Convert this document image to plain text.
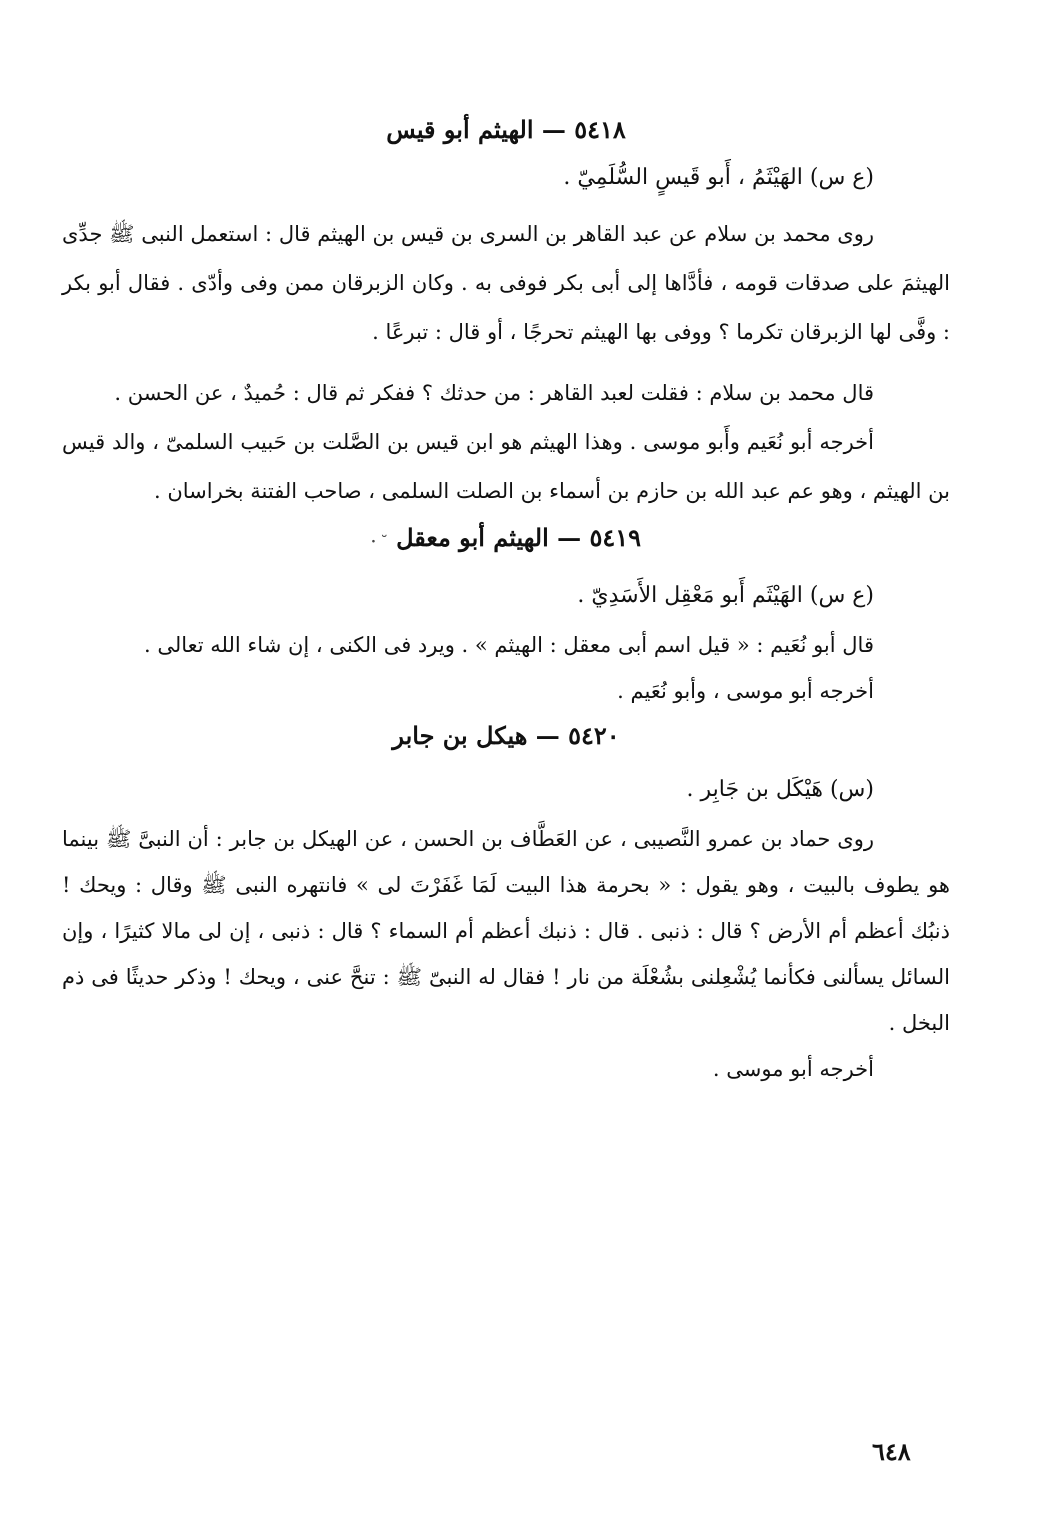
٥٤١٨ — الهيثم أبو قيس

(ع س) الهَيْثَمُ ، أَبو قَيسٍ السُّلَمِيّ .

روى محمد بن سلام عن عبد القاهر بن السرى بن قيس بن الهيثم قال : استعمل النبى ﷺ جدِّى الهيثمَ على صدقات قومه ، فأدَّاها إلى أبى بكر فوفى به . وكان الزبرقان ممن وفى وأدّى . فقال أبو بكر : وفَّى لها الزبرقان تكرما ؟ ووفى بها الهيثم تحرجًا ، أو قال : تبرعًا .

قال محمد بن سلام : فقلت لعبد القاهر : من حدثك ؟ ففكر ثم قال : حُميدٌ ، عن الحسن .

أخرجه أبو نُعَيم وأَبو موسى . وهذا الهيثم هو ابن قيس بن الصَّلت بن حَبيب السلمىّ ، والد قيس بن الهيثم ، وهو عم عبد الله بن حازم بن أسماء بن الصلت السلمى ، صاحب الفتنة بخراسان .

٥٤١٩ — الهيثم أبو معقل ˘ ·

(ع س) الهَيْثَم أَبو مَعْقِل الأَسَدِيّ .

قال أبو نُعَيم : « قيل اسم أبى معقل : الهيثم » . ويرد فى الكنى ، إن شاء الله تعالى .

أخرجه أبو موسى ، وأبو نُعَيم .

٥٤٢٠ — هيكل بن جابر

(س) هَيْكَل بن جَابِر .

روى حماد بن عمرو النَّصيبى ، عن العَطَّاف بن الحسن ، عن الهيكل بن جابر : أن النبىَّ ﷺ بينما هو يطوف بالبيت ، وهو يقول : « بحرمة هذا البيت لَمَا غَفَرْتَ لى » فانتهره النبى ﷺ وقال : ويحك ! ذنبُك أعظم أم الأرض ؟ قال : ذنبى . قال : ذنبك أعظم أم السماء ؟ قال : ذنبى ، إن لى مالا كثيرًا ، وإن السائل يسألنى فكأنما يُشْعِلنى بشُعْلَة من نار ! فقال له النبىّ ﷺ : تنحَّ عنى ، ويحك ! وذكر حديثًا فى ذم البخل .

أخرجه أبو موسى .

٦٤٨
